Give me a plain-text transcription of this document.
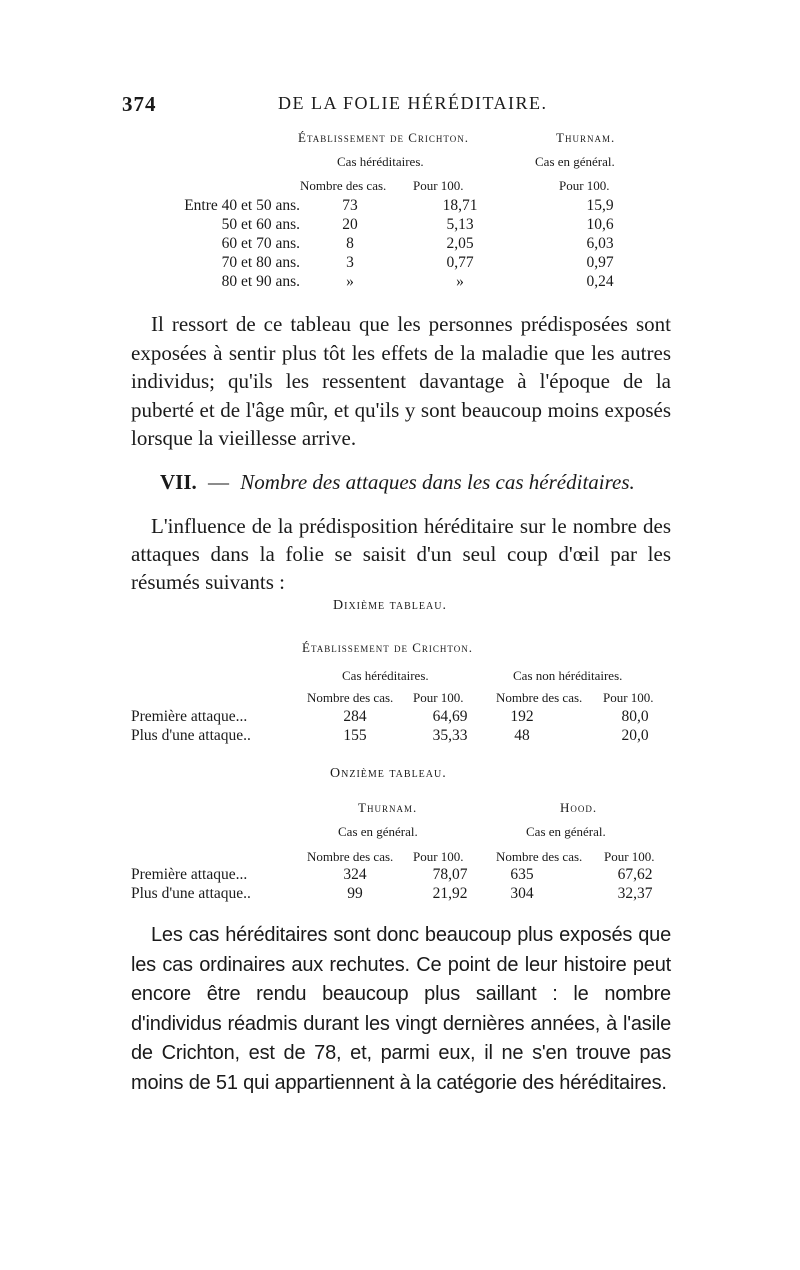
374	DE LA FOLIE HÉRÉDITAIRE.
Établissement de Crichton.	Thurnam.
Cas héréditaires.	Cas en général.
Nombre des cas. Pour 100.	Pour 100.
Entre 40 et 50 ans.	73	18,71	15,9
50 et 60 ans.	20	5,13	10,6
60 et 70 ans.	8	2,05	6,03
70 et 80 ans.	3	0,77	0,97
80 et 90 ans.	»	»	0,24

Il ressort de ce tableau que les personnes prédisposées sont exposées à sentir plus tôt les effets de la maladie que les autres individus; qu'ils les ressentent davantage à l'époque de la puberté et de l'âge mûr, et qu'ils y sont beaucoup moins exposés lorsque la vieillesse arrive.

VII. — Nombre des attaques dans les cas héréditaires.

L'influence de la prédisposition héréditaire sur le nombre des attaques dans la folie se saisit d'un seul coup d'œil par les résumés suivants :

Dixième tableau.
Établissement de Crichton.
Cas héréditaires.	Cas non héréditaires.
Nombre des cas. Pour 100. Nombre des cas. Pour 100.
Première attaque...	284	64,69	192	80,0
Plus d'une attaque..	155	35,33	48	20,0
Onzième tableau.
Thurnam.	Hood.
Cas en général.	Cas en général.
Nombre des cas. Pour 100. Nombre des cas. Pour 100.
Première attaque...	324	78,07	635	67,62
Plus d'une attaque..	99	21,92	304	32,37

Les cas héréditaires sont donc beaucoup plus exposés que les cas ordinaires aux rechutes. Ce point de leur histoire peut encore être rendu beaucoup plus saillant : le nombre d'individus réadmis durant les vingt dernières années, à l'asile de Crichton, est de 78, et, parmi eux, il ne s'en trouve pas moins de 51 qui appartiennent à la catégorie des héréditaires.
